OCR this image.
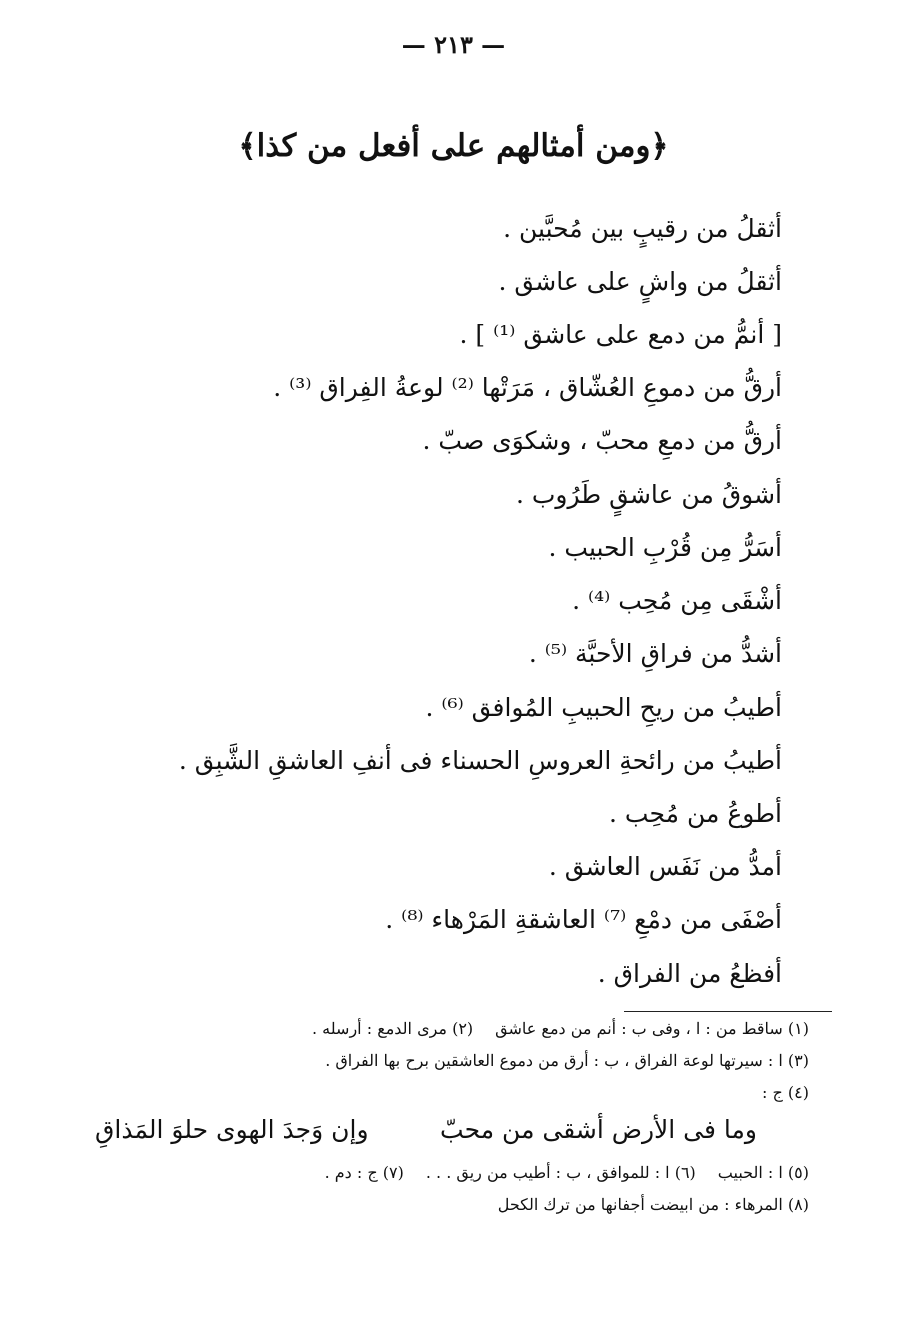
— ٢١٣ —
﴿ومن أمثالهم على أفعل من كذا﴾
أثقلُ من رقيبٍ بين مُحبَّين .
أثقلُ من واشٍ على عاشق .
[ أنمُّ من دمع على عاشق ⁽¹⁾ ] .
أرقُّ من دموعِ العُشّاق ، مَرَتْها ⁽²⁾ لوعةُ الفِراق ⁽³⁾ .
أرقُّ من دمعِ محبّ ، وشكوَى صبّ .
أشوقُ من عاشقٍ طَرُوب .
أسَرُّ مِن قُرْبِ الحبيب .
أشْقَى مِن مُحِب ⁽⁴⁾ .
أشدُّ من فراقِ الأحبَّة ⁽⁵⁾ .
أطيبُ من ريحِ الحبيبِ المُوافق ⁽⁶⁾ .
أطيبُ من رائحةِ العروسِ الحسناء فى أنفِ العاشقِ الشَّبِق .
أطوعُ من مُحِب .
أمدُّ من نَفَس العاشق .
أصْفَى من دمْعِ ⁽⁷⁾ العاشقةِ المَرْهاء ⁽⁸⁾ .
أفظعُ من الفراق .
(١) ساقط من : ا ، وفى ب : أنم من دمع عاشق(٢) مرى الدمع : أرسله .
(٣) ا : سيرتها لوعة الفراق ، ب : أرق من دموع العاشقين برح بها الفراق .
(٤) ج :
وما فى الأرض أشقى من محبّ
وإن وَجدَ الهوى حلوَ المَذاقِ
(٥) ا : الحبيب(٦) ا : للموافق ، ب : أطيب من ريق . . .(٧) ج : دم .
(٨) المرهاء : من ابيضت أجفانها من ترك الكحل
